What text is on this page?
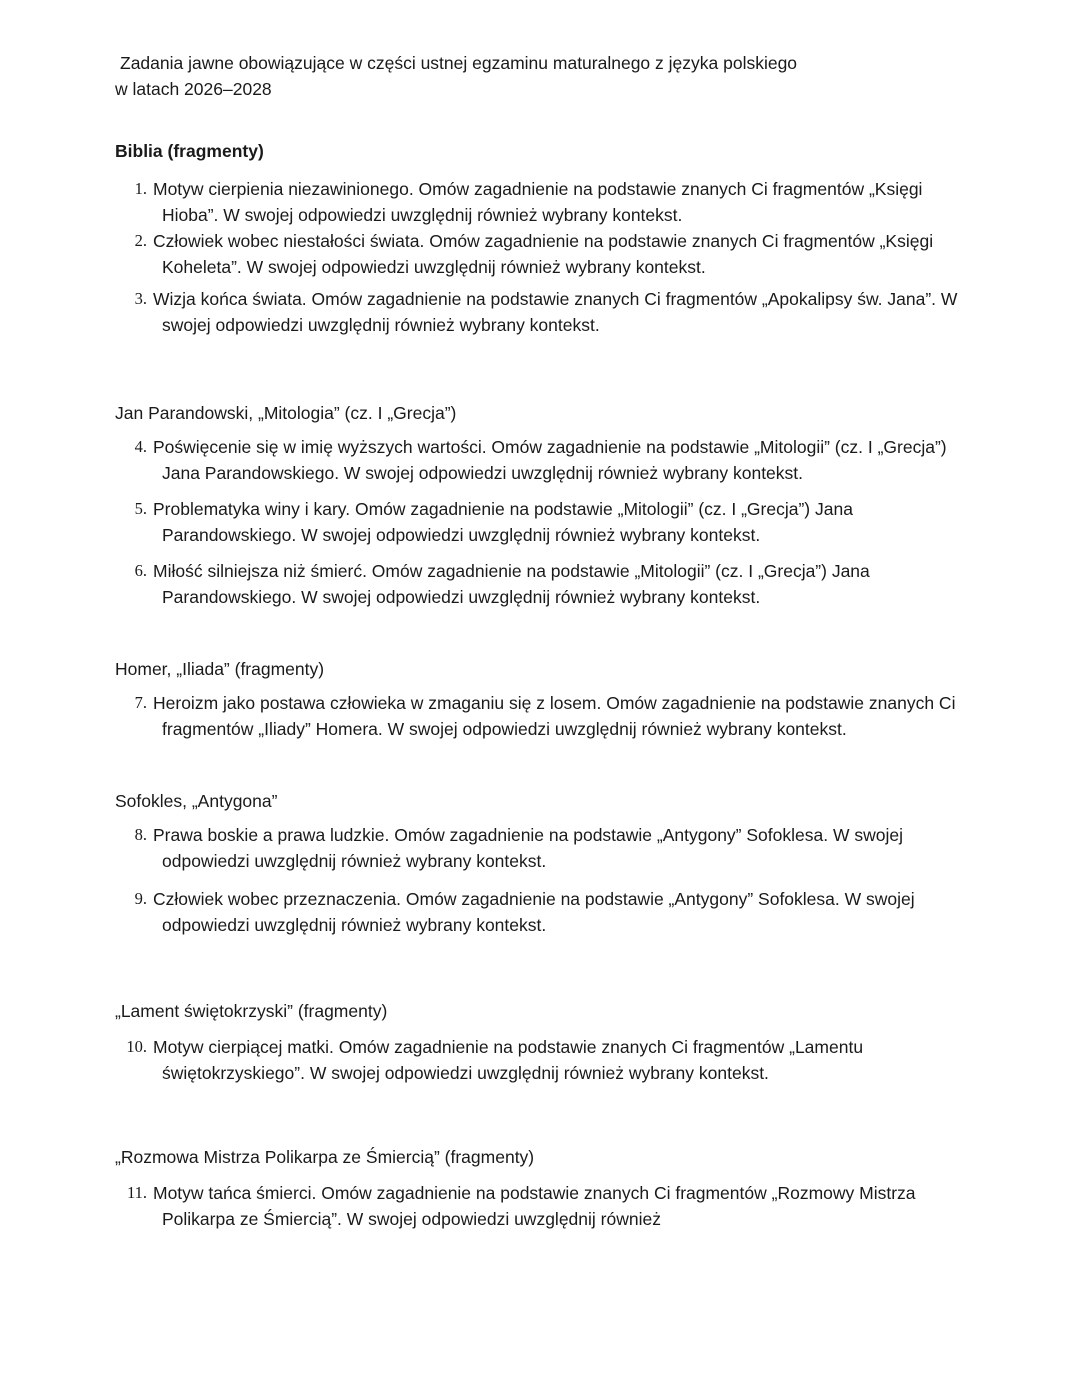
Zadania jawne obowiązujące w części ustnej egzaminu maturalnego z języka polskiego
w latach 2026–2028

Biblia (fragmenty)
1. Motyw cierpienia niezawinionego. Omów zagadnienie na podstawie znanych Ci fragmentów „Księgi Hioba”. W swojej odpowiedzi uwzględnij również wybrany kontekst.
2. Człowiek wobec niestałości świata. Omów zagadnienie na podstawie znanych Ci fragmentów „Księgi Koheleta”. W swojej odpowiedzi uwzględnij również wybrany kontekst.
3. Wizja końca świata. Omów zagadnienie na podstawie znanych Ci fragmentów „Apokalipsy św. Jana”. W swojej odpowiedzi uwzględnij również wybrany kontekst.
Jan Parandowski, „Mitologia” (cz. I „Grecja”)
4. Poświęcenie się w imię wyższych wartości. Omów zagadnienie na podstawie „Mitologii” (cz. I „Grecja”) Jana Parandowskiego. W swojej odpowiedzi uwzględnij również wybrany kontekst.
5. Problematyka winy i kary. Omów zagadnienie na podstawie „Mitologii” (cz. I „Grecja”) Jana Parandowskiego. W swojej odpowiedzi uwzględnij również wybrany kontekst.
6. Miłość silniejsza niż śmierć. Omów zagadnienie na podstawie „Mitologii” (cz. I „Grecja”) Jana Parandowskiego. W swojej odpowiedzi uwzględnij również wybrany kontekst.
Homer, „Iliada” (fragmenty)
7. Heroizm jako postawa człowieka w zmaganiu się z losem. Omów zagadnienie na podstawie znanych Ci fragmentów „Iliady” Homera. W swojej odpowiedzi uwzględnij również wybrany kontekst.
Sofokles, „Antygona”
8. Prawa boskie a prawa ludzkie. Omów zagadnienie na podstawie „Antygony” Sofoklesa. W swojej odpowiedzi uwzględnij również wybrany kontekst.
9. Człowiek wobec przeznaczenia. Omów zagadnienie na podstawie „Antygony” Sofoklesa. W swojej odpowiedzi uwzględnij również wybrany kontekst.
„Lament świętokrzyski” (fragmenty)
10. Motyw cierpiącej matki. Omów zagadnienie na podstawie znanych Ci fragmentów „Lamentu świętokrzyskiego”. W swojej odpowiedzi uwzględnij również wybrany kontekst.
„Rozmowa Mistrza Polikarpa ze Śmiercią” (fragmenty)
11. Motyw tańca śmierci. Omów zagadnienie na podstawie znanych Ci fragmentów „Rozmowy Mistrza Polikarpa ze Śmiercią”. W swojej odpowiedzi uwzględnij również
